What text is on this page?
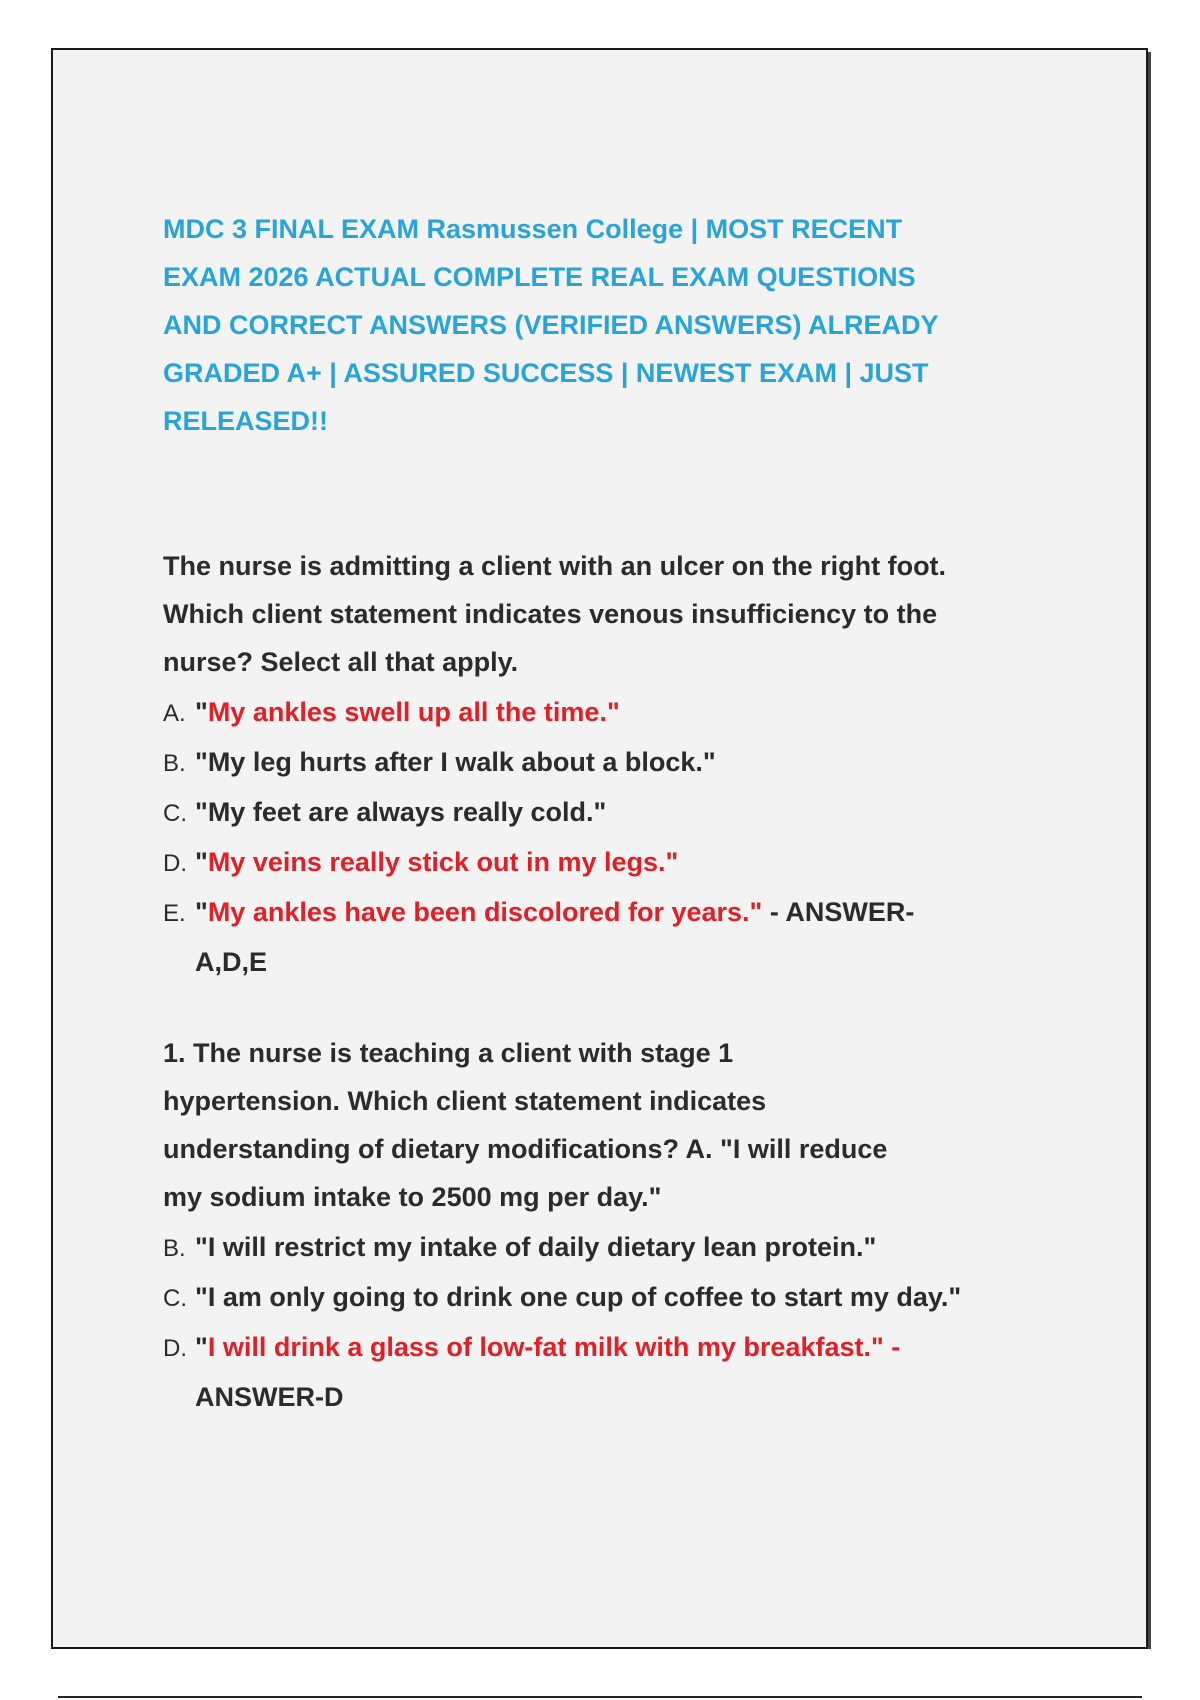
MDC 3 FINAL EXAM Rasmussen College | MOST RECENT
EXAM 2026 ACTUAL COMPLETE REAL EXAM QUESTIONS
AND CORRECT ANSWERS (VERIFIED ANSWERS) ALREADY
GRADED A+ | ASSURED SUCCESS | NEWEST EXAM | JUST
RELEASED!!
The nurse is admitting a client with an ulcer on the right foot.
Which client statement indicates venous insufficiency to the
nurse? Select all that apply.
A. "My ankles swell up all the time."
B. "My leg hurts after I walk about a block."
C. "My feet are always really cold."
D. "My veins really stick out in my legs."
E. "My ankles have been discolored for years." - ANSWER-
A,D,E
1. The nurse is teaching a client with stage 1
hypertension. Which client statement indicates
understanding of dietary modifications? A. "I will reduce
my sodium intake to 2500 mg per day."
B. "I will restrict my intake of daily dietary lean protein."
C. "I am only going to drink one cup of coffee to start my day."
D. "I will drink a glass of low-fat milk with my breakfast." -
ANSWER-D
